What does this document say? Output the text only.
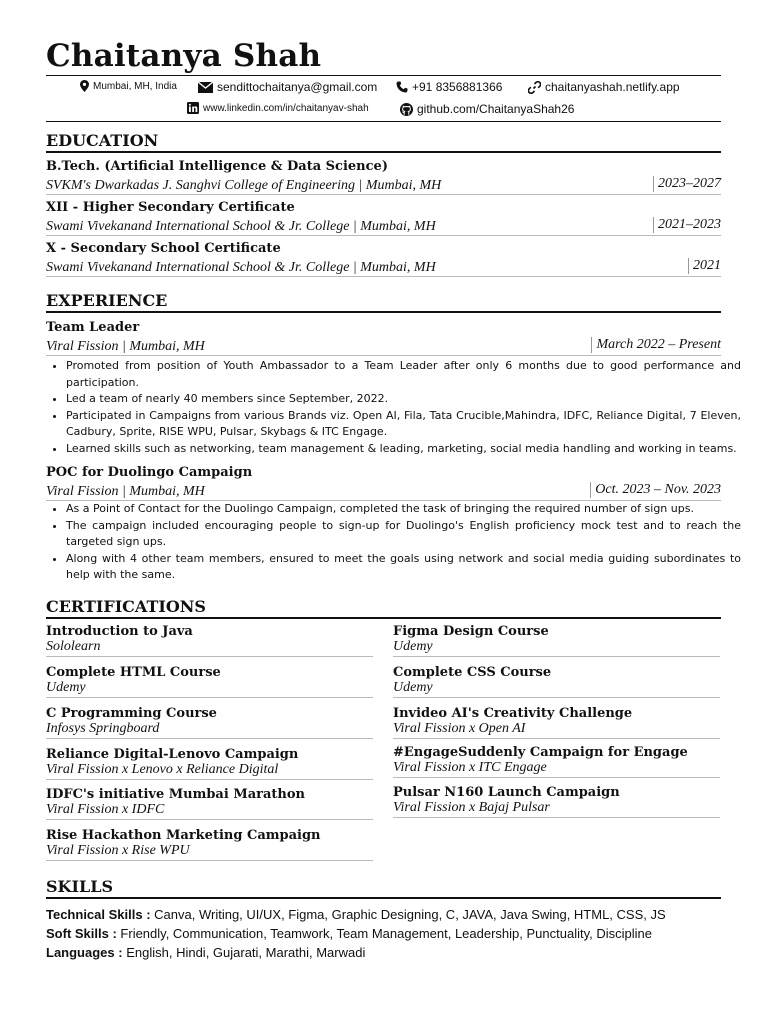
Chaitanya Shah
Mumbai, MH, India	sendittochaitanya@gmail.com	+91 8356881366	chaitanyashah.netlify.app
www.linkedin.com/in/chaitanyav-shah	github.com/ChaitanyaShah26
EDUCATION
B.Tech. (Artificial Intelligence & Data Science)
SVKM's Dwarkadas J. Sanghvi College of Engineering | Mumbai, MH	2023–2027
XII - Higher Secondary Certificate
Swami Vivekanand International School & Jr. College | Mumbai, MH	2021–2023
X - Secondary School Certificate
Swami Vivekanand International School & Jr. College | Mumbai, MH	2021
EXPERIENCE
Team Leader
Viral Fission | Mumbai, MH	March 2022 – Present
• Promoted from position of Youth Ambassador to a Team Leader after only 6 months due to good performance and participation.
• Led a team of nearly 40 members since September, 2022.
• Participated in Campaigns from various Brands viz. Open AI, Fila, Tata Crucible,Mahindra, IDFC, Reliance Digital, 7 Eleven, Cadbury, Sprite, RISE WPU, Pulsar, Skybags & ITC Engage.
• Learned skills such as networking, team management & leading, marketing, social media handling and working in teams.
POC for Duolingo Campaign
Viral Fission | Mumbai, MH	Oct. 2023 – Nov. 2023
• As a Point of Contact for the Duolingo Campaign, completed the task of bringing the required number of sign ups.
• The campaign included encouraging people to sign-up for Duolingo's English proficiency mock test and to reach the targeted sign ups.
• Along with 4 other team members, ensured to meet the goals using network and social media guiding subordinates to help with the same.
CERTIFICATIONS
Introduction to Java
Sololearn
Complete HTML Course
Udemy
C Programming Course
Infosys Springboard
Reliance Digital-Lenovo Campaign
Viral Fission x Lenovo x Reliance Digital
IDFC's initiative Mumbai Marathon
Viral Fission x IDFC
Rise Hackathon Marketing Campaign
Viral Fission x Rise WPU
Figma Design Course
Udemy
Complete CSS Course
Udemy
Invideo AI's Creativity Challenge
Viral Fission x Open AI
#EngageSuddenly Campaign for Engage
Viral Fission x ITC Engage
Pulsar N160 Launch Campaign
Viral Fission x Bajaj Pulsar
SKILLS
Technical Skills : Canva, Writing, UI/UX, Figma, Graphic Designing, C, JAVA, Java Swing, HTML, CSS, JS
Soft Skills : Friendly, Communication, Teamwork, Team Management, Leadership, Punctuality, Discipline
Languages : English, Hindi, Gujarati, Marathi, Marwadi
